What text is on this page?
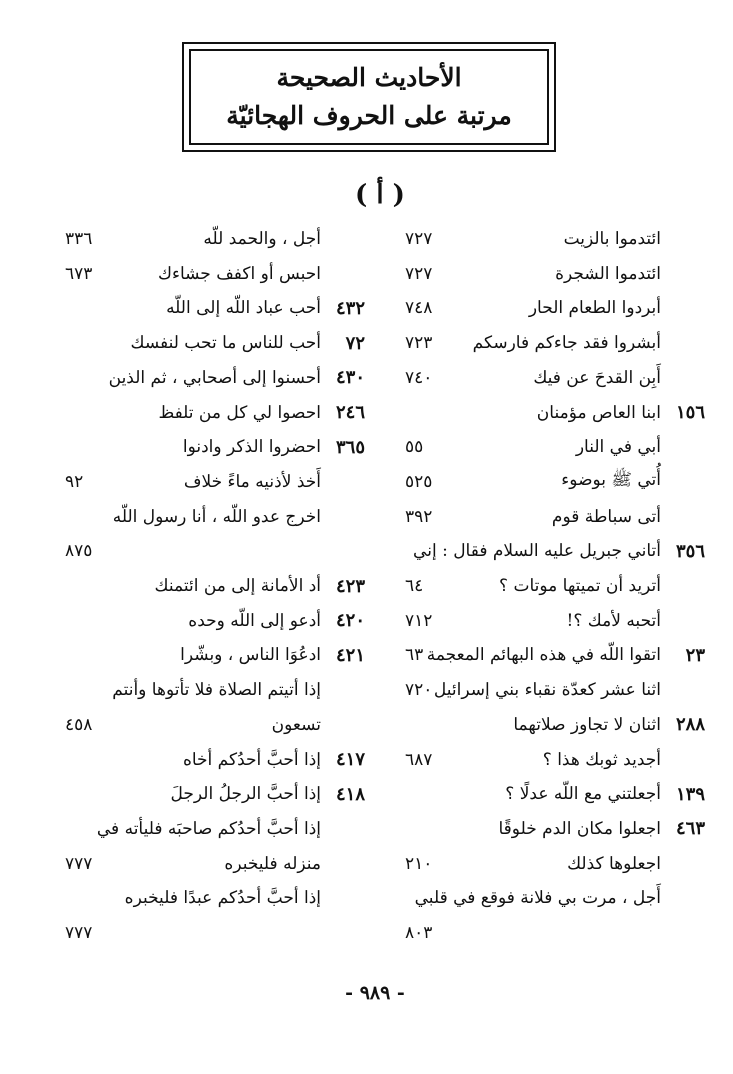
الأحاديث الصحيحة
مرتبة على الحروف الهجائيّة
( أ )
ائتدموا بالزيت
٧٢٧
ائتدموا الشجرة
٧٢٧
أبردوا الطعام الحار
٧٤٨
أبشروا فقد جاءكم فارسكم
٧٢٣
أَبِن القدحَ عن فيك
٧٤٠
١٥٦
ابنا العاص مؤمنان
أبي في النار
٥٥
أُتي ﷺ بوضوء
٥٢٥
أتى سباطة قوم
٣٩٢
٣٥٦
أتاني جبريل عليه السلام فقال : إني
أتريد أن تميتها موتات ؟
٦٤
أتحبه لأمك ؟!
٧١٢
٢٣
اتقوا اللّه في هذه البهائم المعجمة
٦٣
اثنا عشر كعدّة نقباء بني إسرائيل
٧٢٠
٢٨٨
اثنان لا تجاوز صلاتهما
أجديد ثوبك هذا ؟
٦٨٧
١٣٩
أجعلتني مع اللّه عدلًا ؟
٤٦٣
اجعلوا مكان الدم خلوقًا
اجعلوها كذلك
٢١٠
أَجل ، مرت بي فلانة فوقع في قلبي
٨٠٣
أجل ، والحمد للّه
٣٣٦
احبس أو اكفف جشاءك
٦٧٣
٤٣٢
أحب عباد اللّه إلى اللّه
٧٢
أحب للناس ما تحب لنفسك
٤٣٠
أحسنوا إلى أصحابي ، ثم الذين
٢٤٦
احصوا لي كل من تلفظ
٣٦٥
احضروا الذكر وادنوا
أَخذ لأذنيه ماءً خلاف
٩٢
اخرج عدو اللّه ، أنا رسول اللّه
٨٧٥
٤٢٣
أد الأمانة إلى من ائتمنك
٤٢٠
أدعو إلى اللّه وحده
٤٢١
ادعُوَا الناس ، وبشّرا
إذا أتيتم الصلاة فلا تأتوها وأنتم
تسعون
٤٥٨
٤١٧
إذا أحبَّ أحدُكم أخاه
٤١٨
إذا أحبَّ الرجلُ الرجلَ
إذا أحبَّ أحدُكم صاحبَه فليأته في
منزله فليخبره
٧٧٧
إذا أحبَّ أحدُكم عبدًا فليخبره
٧٧٧
- ٩٨٩ -
